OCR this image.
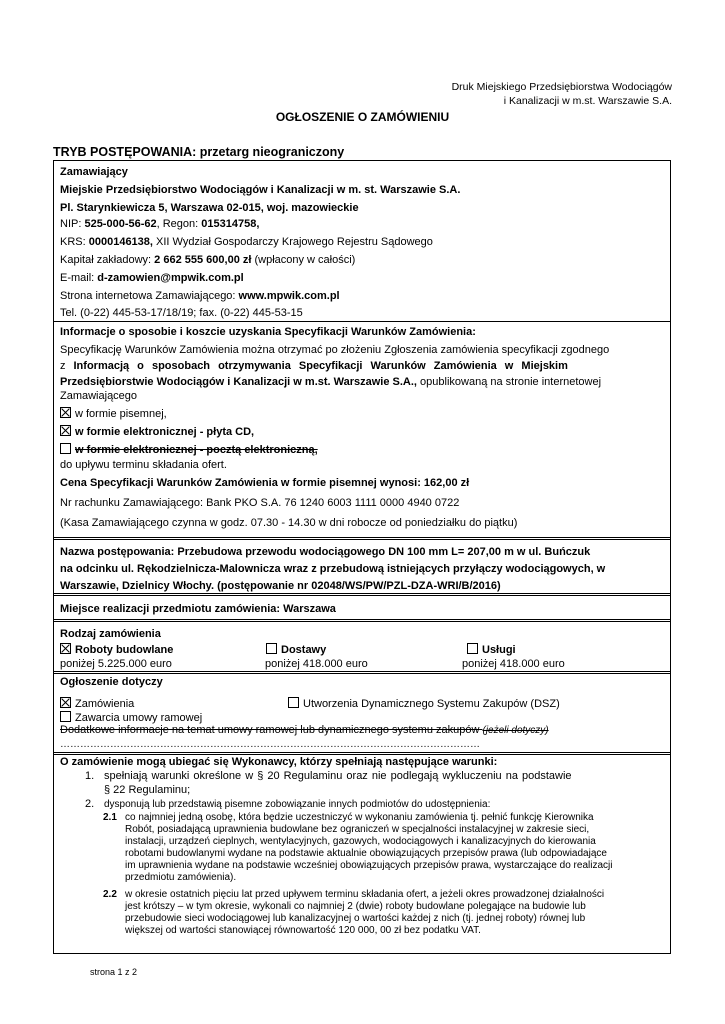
Druk Miejskiego Przedsiębiorstwa Wodociągów
i Kanalizacji w m.st. Warszawie S.A.
OGŁOSZENIE O ZAMÓWIENIU
TRYB POSTĘPOWANIA: przetarg nieograniczony
Zamawiający
Miejskie Przedsiębiorstwo Wodociągów i Kanalizacji w m. st. Warszawie S.A.
Pl. Starynkiewicza 5, Warszawa 02-015, woj. mazowieckie
NIP: 525-000-56-62, Regon: 015314758,
KRS: 0000146138, XII Wydział Gospodarczy Krajowego Rejestru Sądowego
Kapitał zakładowy: 2 662 555 600,00 zł (wpłacony w całości)
E-mail: d-zamowien@mpwik.com.pl
Strona internetowa Zamawiającego: www.mpwik.com.pl
Tel. (0-22) 445-53-17/18/19; fax. (0-22) 445-53-15
Informacje o sposobie i koszcie uzyskania Specyfikacji Warunków Zamówienia:
Specyfikację Warunków Zamówienia można otrzymać po złożeniu Zgłoszenia zamówienia specyfikacji zgodnego
z Informacją o sposobach otrzymywania Specyfikacji Warunków Zamówienia w Miejskim
Przedsiębiorstwie Wodociągów i Kanalizacji w m.st. Warszawie S.A., opublikowaną na stronie internetowej
Zamawiającego
w formie pisemnej,
w formie elektronicznej - płyta CD,
w formie elektronicznej - pocztą elektroniczną,
do upływu terminu składania ofert.
Cena Specyfikacji Warunków Zamówienia w formie pisemnej wynosi: 162,00 zł
Nr rachunku Zamawiającego: Bank PKO S.A. 76 1240 6003 1111 0000 4940 0722
(Kasa Zamawiającego czynna w godz. 07.30 - 14.30 w dni robocze od poniedziałku do piątku)
Nazwa postępowania: Przebudowa przewodu wodociągowego DN 100 mm L= 207,00 m w ul. Buńczuk
na odcinku ul. Rękodzielnicza-Malownicza wraz z przebudową istniejących przyłączy wodociągowych, w
Warszawie, Dzielnicy Włochy. (postępowanie nr 02048/WS/PW/PZL-DZA-WRI/B/2016)
Miejsce realizacji przedmiotu zamówienia: Warszawa
Rodzaj zamówienia
Roboty budowlane
poniżej 5.225.000 euro
Dostawy
poniżej 418.000 euro
Usługi
poniżej 418.000 euro
Ogłoszenie dotyczy
Zamówienia	Utworzenia Dynamicznego Systemu Zakupów (DSZ)
Zawarcia umowy ramowej
Dodatkowe informacje na temat umowy ramowej lub dynamicznego systemu zakupów (jeżeli dotyczy)
………………………………………………………………………………………………………………
O zamówienie mogą ubiegać się Wykonawcy, którzy spełniają następujące warunki:
1. spełniają warunki określone w § 20 Regulaminu oraz nie podlegają wykluczeniu na podstawie
§ 22 Regulaminu;
2. dysponują lub przedstawią pisemne zobowiązanie innych podmiotów do udostępnienia:
2.1 co najmniej jedną osobę, która będzie uczestniczyć w wykonaniu zamówienia tj. pełnić funkcję Kierownika
Robót, posiadającą uprawnienia budowlane bez ograniczeń w specjalności instalacyjnej w zakresie sieci,
instalacji, urządzeń cieplnych, wentylacyjnych, gazowych, wodociągowych i kanalizacyjnych do kierowania
robotami budowlanymi wydane na podstawie aktualnie obowiązujących przepisów prawa (lub odpowiadające
im uprawnienia wydane na podstawie wcześniej obowiązujących przepisów prawa, wystarczające do realizacji
przedmiotu zamówienia).
2.2 w okresie ostatnich pięciu lat przed upływem terminu składania ofert, a jeżeli okres prowadzonej działalności
jest krótszy – w tym okresie, wykonali co najmniej 2 (dwie) roboty budowlane polegające na budowie lub
przebudowie sieci wodociągowej lub kanalizacyjnej o wartości każdej z nich (tj. jednej roboty) równej lub
większej od wartości stanowiącej równowartość 120 000, 00 zł bez podatku VAT.
strona 1 z 2
